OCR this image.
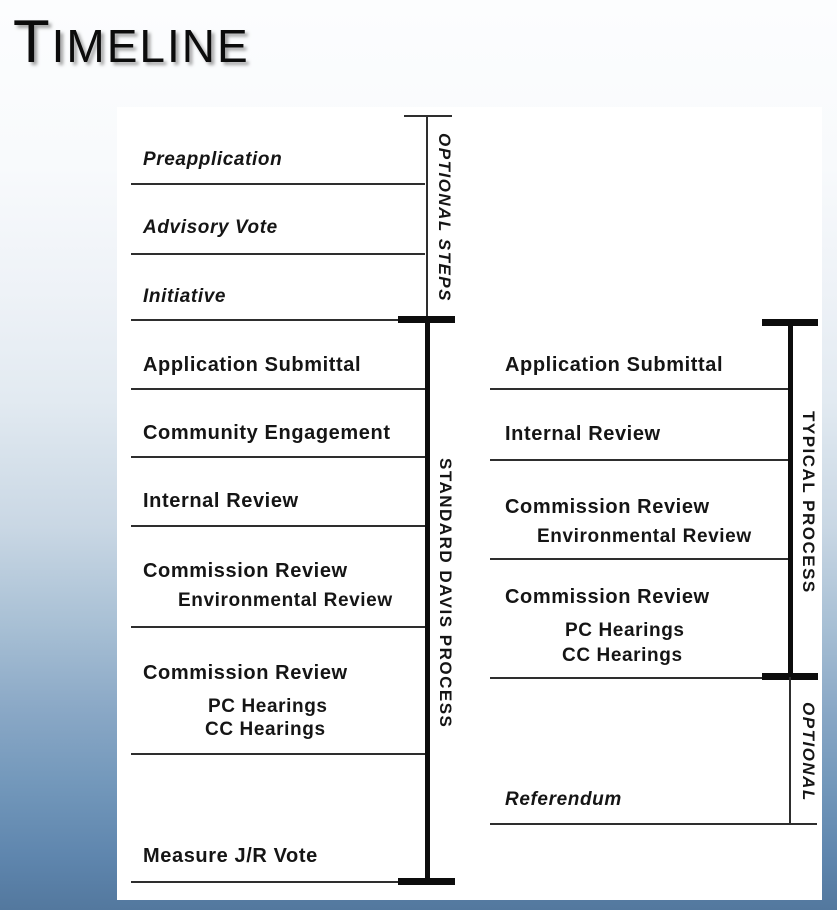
TIMELINE
Preapplication
Advisory Vote
Initiative
Application Submittal
Community Engagement
Internal Review
Commission Review
Environmental Review
Commission Review
PC Hearings
CC Hearings
Measure J/R Vote
OPTIONAL STEPS
STANDARD DAVIS PROCESS
Application Submittal
Internal Review
Commission Review
Environmental Review
Commission Review
PC Hearings
CC Hearings
Referendum
TYPICAL PROCESS
OPTIONAL
